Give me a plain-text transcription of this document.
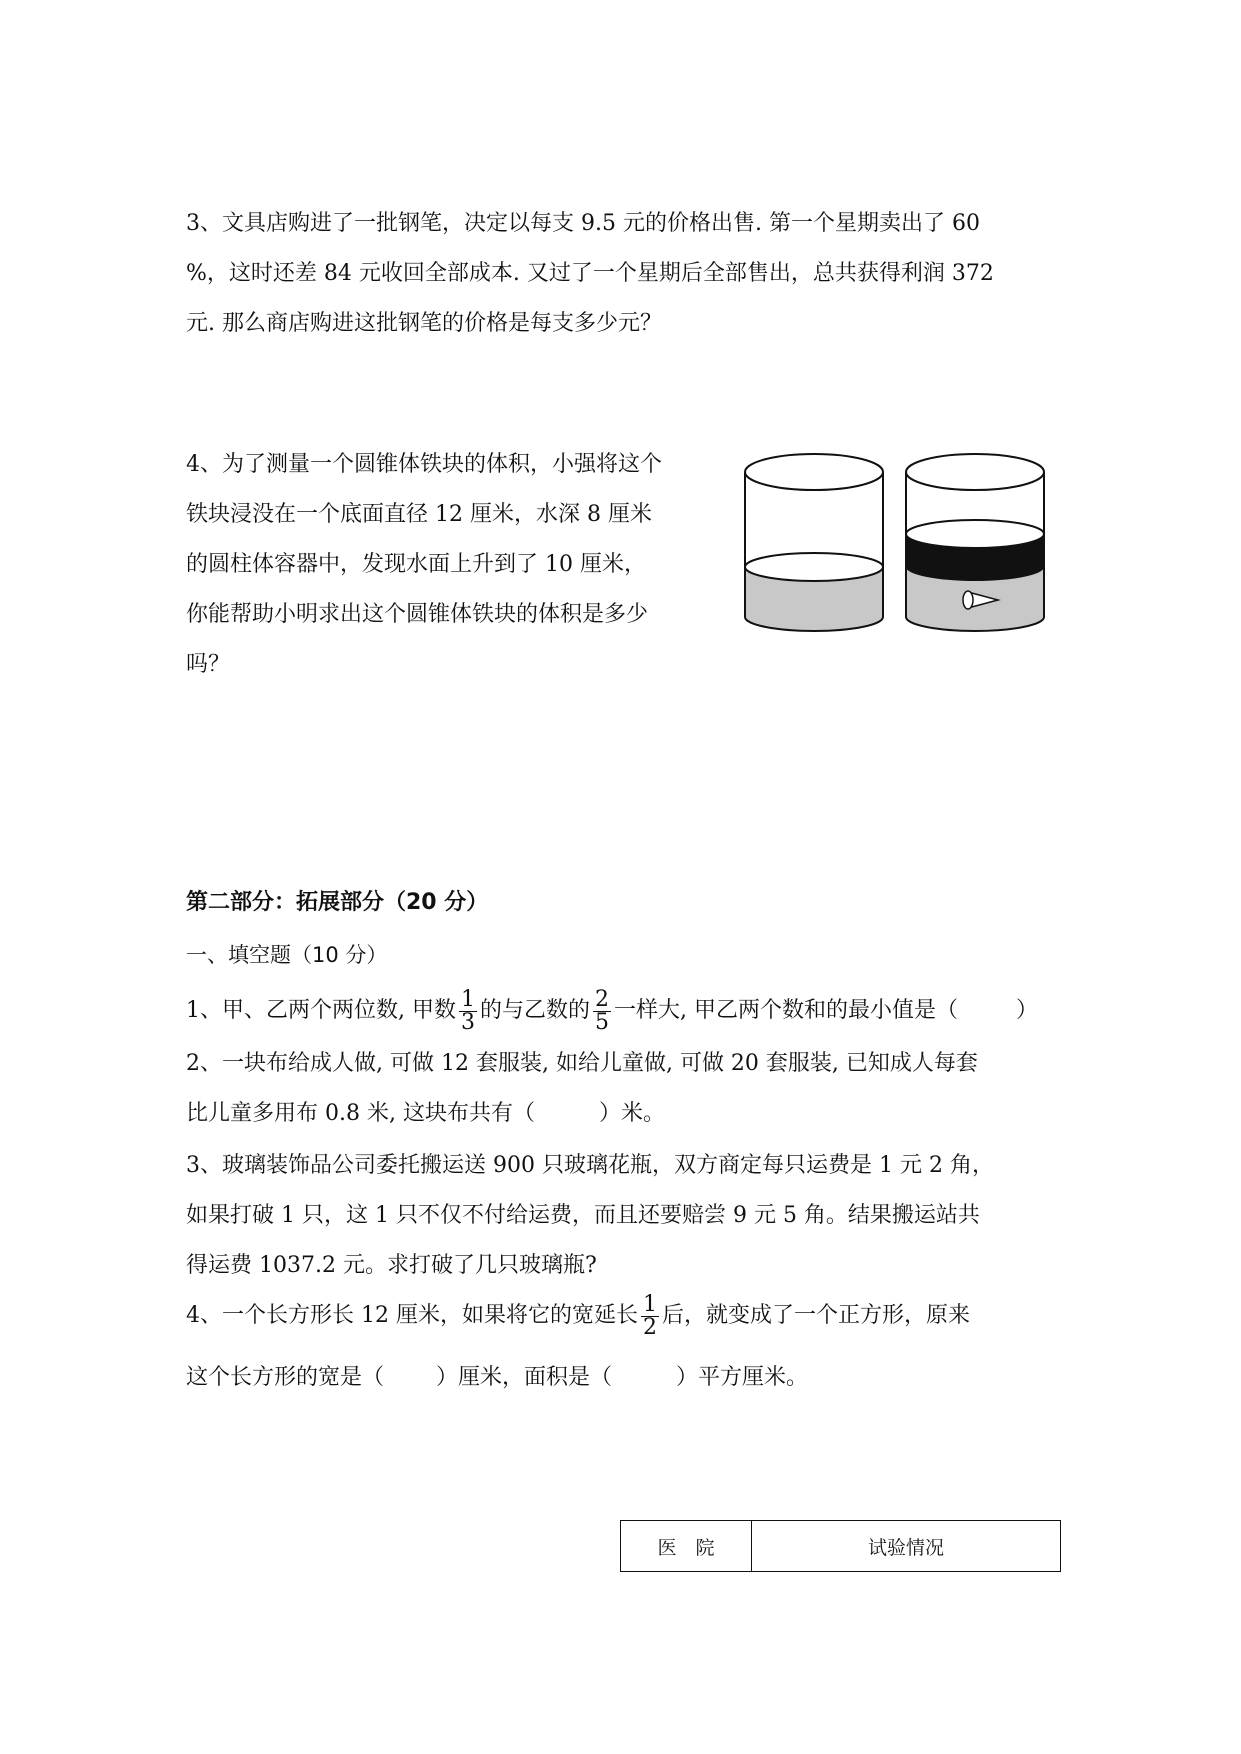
3、文具店购进了一批钢笔，决定以每支 9.5 元的价格出售. 第一个星期卖出了 60
%，这时还差 84 元收回全部成本. 又过了一个星期后全部售出，总共获得利润 372
元. 那么商店购进这批钢笔的价格是每支多少元？
4、为了测量一个圆锥体铁块的体积，小强将这个
铁块浸没在一个底面直径 12 厘米，水深 8 厘米
的圆柱体容器中，发现水面上升到了 10 厘米，
你能帮助小明求出这个圆锥体铁块的体积是多少
吗？
第二部分：拓展部分（20 分）
一、填空题（10 分）
1、甲、乙两个两位数, 甲数 $\frac{1}{3}$ 的与乙数的 $\frac{2}{5}$ 一样大, 甲乙两个数和的最小值是（	）
2、一块布给成人做, 可做 12 套服装, 如给儿童做, 可做 20 套服装, 已知成人每套
比儿童多用布 0.8 米, 这块布共有（	）米。
3、玻璃装饰品公司委托搬运送 900 只玻璃花瓶，双方商定每只运费是 1 元 2 角，
如果打破 1 只，这 1 只不仅不付给运费，而且还要赔尝 9 元 5 角。结果搬运站共
得运费 1037.2 元。求打破了几只玻璃瓶?
4、一个长方形长 12 厘米，如果将它的宽延长 $\frac{1}{2}$ 后，就变成了一个正方形，原来
这个长方形的宽是（ ）厘米，面积是（	）平方厘米。
医　院	试验情况
